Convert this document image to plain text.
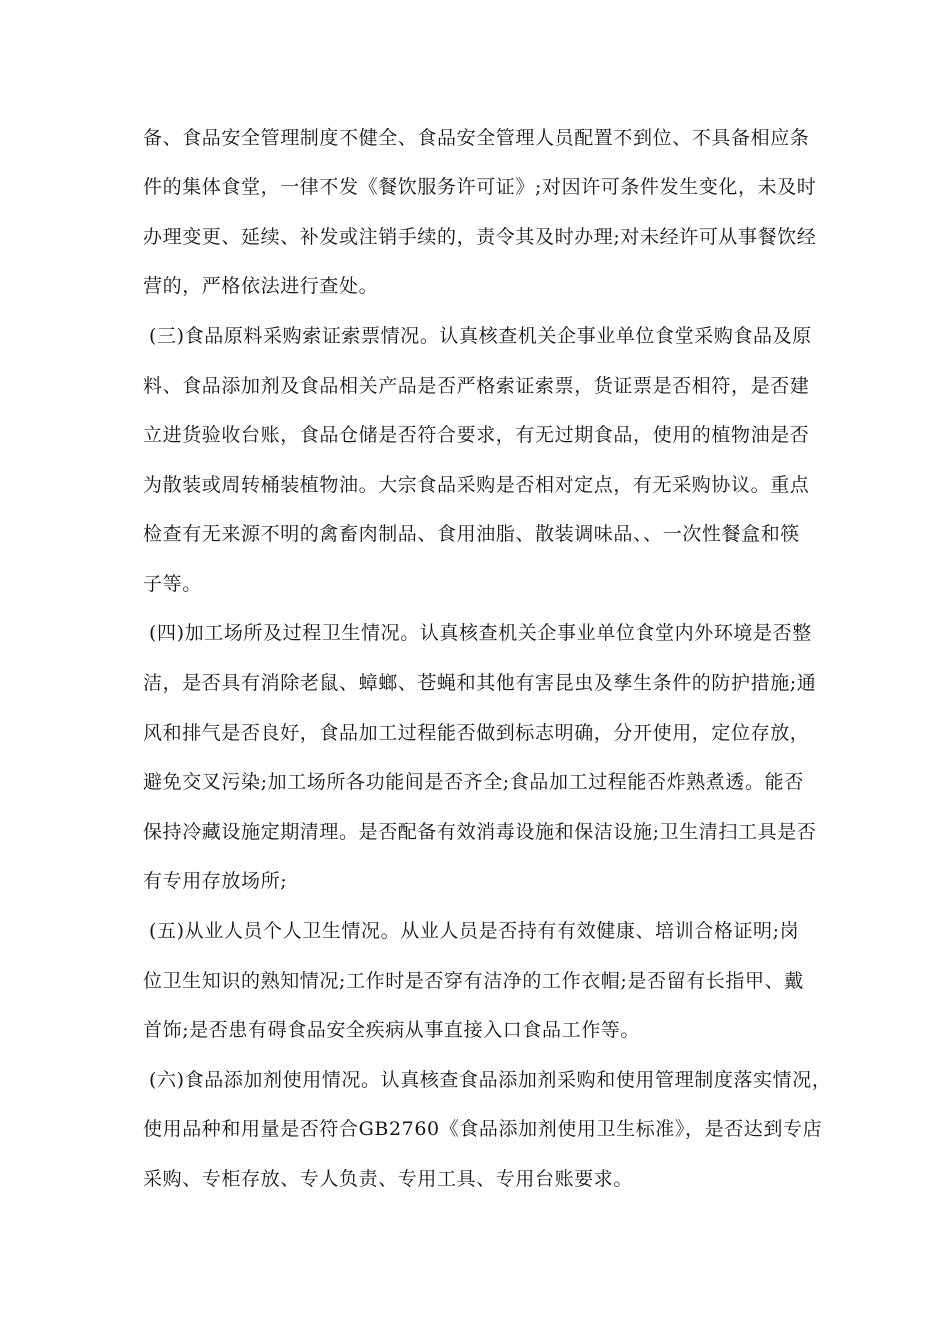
备、食品安全管理制度不健全、食品安全管理人员配置不到位、不具备相应条
件的集体食堂，一律不发《餐饮服务许可证》;对因许可条件发生变化，未及时
办理变更、延续、补发或注销手续的，责令其及时办理;对未经许可从事餐饮经
营的，严格依法进行查处。
(三)食品原料采购索证索票情况。认真核查机关企事业单位食堂采购食品及原
料、食品添加剂及食品相关产品是否严格索证索票，货证票是否相符，是否建
立进货验收台账，食品仓储是否符合要求，有无过期食品，使用的植物油是否
为散装或周转桶装植物油。大宗食品采购是否相对定点，有无采购协议。重点
检查有无来源不明的禽畜肉制品、食用油脂、散装调味品、、一次性餐盒和筷
子等。
(四)加工场所及过程卫生情况。认真核查机关企事业单位食堂内外环境是否整
洁，是否具有消除老鼠、蟑螂、苍蝇和其他有害昆虫及孳生条件的防护措施;通
风和排气是否良好，食品加工过程能否做到标志明确，分开使用，定位存放，
避免交叉污染;加工场所各功能间是否齐全;食品加工过程能否炸熟煮透。能否
保持冷藏设施定期清理。是否配备有效消毒设施和保洁设施;卫生清扫工具是否
有专用存放场所;
(五)从业人员个人卫生情况。从业人员是否持有有效健康、培训合格证明;岗
位卫生知识的熟知情况;工作时是否穿有洁净的工作衣帽;是否留有长指甲、戴
首饰;是否患有碍食品安全疾病从事直接入口食品工作等。
(六)食品添加剂使用情况。认真核查食品添加剂采购和使用管理制度落实情况，
使用品种和用量是否符合GB2760《食品添加剂使用卫生标准》，是否达到专店
采购、专柜存放、专人负责、专用工具、专用台账要求。
